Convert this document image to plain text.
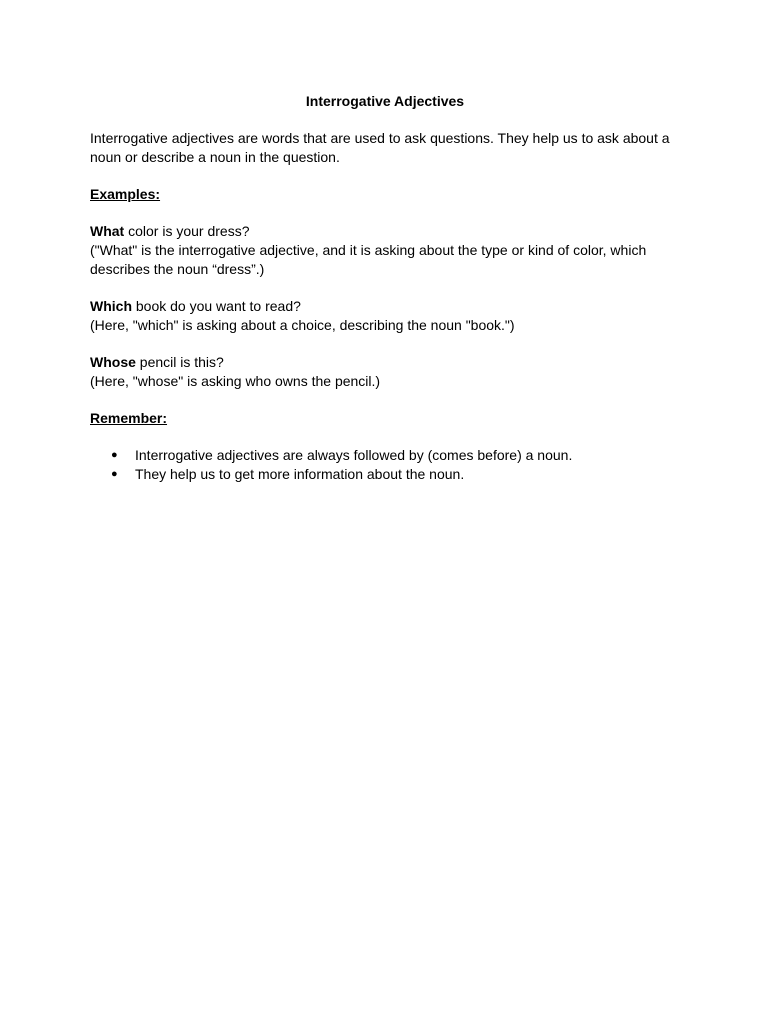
Interrogative Adjectives

Interrogative adjectives are words that are used to ask questions. They help us to ask about a noun or describe a noun in the question.

Examples:

What color is your dress?

("What" is the interrogative adjective, and it is asking about the type or kind of color, which describes the noun “dress”.)

Which book do you want to read?

(Here, "which" is asking about a choice, describing the noun "book.")

Whose pencil is this?

(Here, "whose" is asking who owns the pencil.)

Remember:

● Interrogative adjectives are always followed by (comes before) a noun.
● They help us to get more information about the noun.
